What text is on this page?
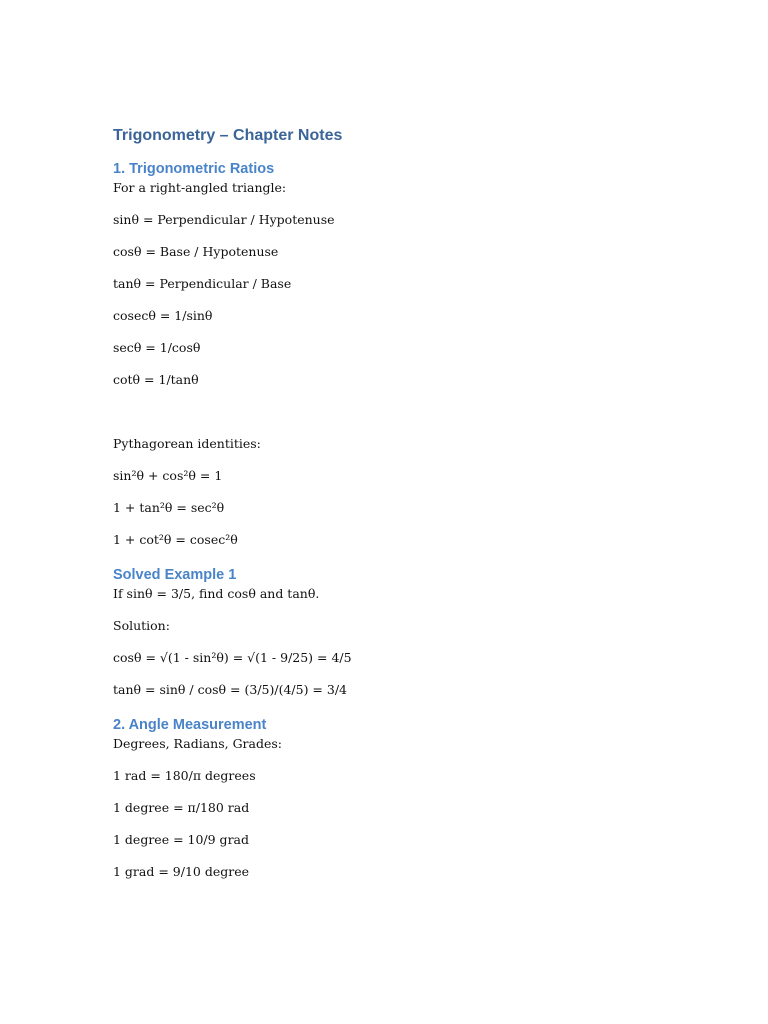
Trigonometry – Chapter Notes
1. Trigonometric Ratios
For a right-angled triangle:
sinθ = Perpendicular / Hypotenuse
cosθ = Base / Hypotenuse
tanθ = Perpendicular / Base
cosecθ = 1/sinθ
secθ = 1/cosθ
cotθ = 1/tanθ
Pythagorean identities:
sin²θ + cos²θ = 1
1 + tan²θ = sec²θ
1 + cot²θ = cosec²θ
Solved Example 1
If sinθ = 3/5, find cosθ and tanθ.
Solution:
cosθ = √(1 - sin²θ) = √(1 - 9/25) = 4/5
tanθ = sinθ / cosθ = (3/5)/(4/5) = 3/4
2. Angle Measurement
Degrees, Radians, Grades:
1 rad = 180/π degrees
1 degree = π/180 rad
1 degree = 10/9 grad
1 grad = 9/10 degree
